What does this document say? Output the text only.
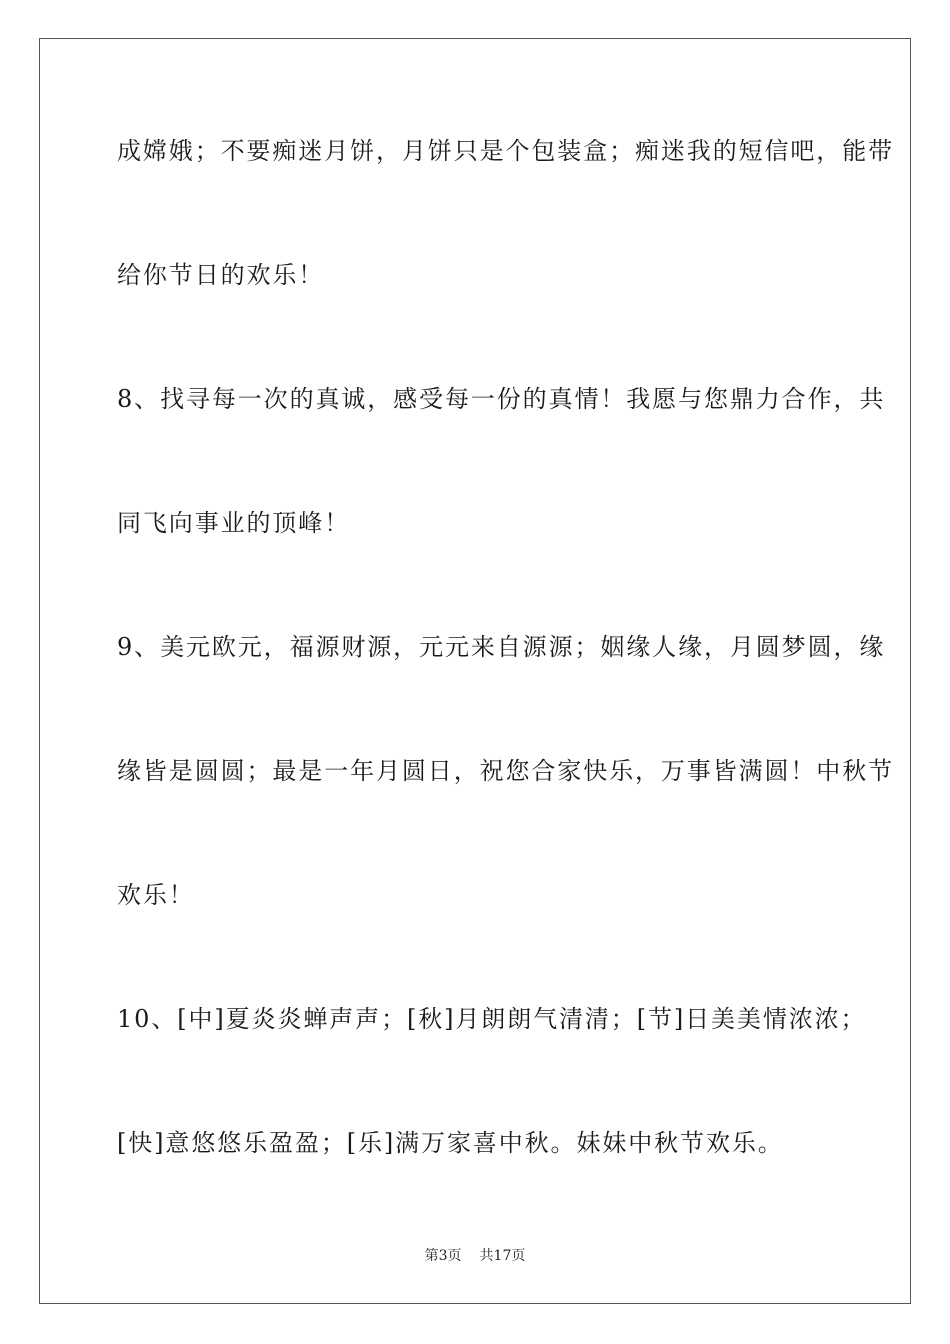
成嫦娥；不要痴迷月饼，月饼只是个包装盒；痴迷我的短信吧，能带
给你节日的欢乐！
8、找寻每一次的真诚，感受每一份的真情！我愿与您鼎力合作，共
同飞向事业的顶峰！
9、美元欧元，福源财源，元元来自源源；姻缘人缘，月圆梦圆，缘
缘皆是圆圆；最是一年月圆日，祝您合家快乐，万事皆满圆！中秋节
欢乐！
10、[中]夏炎炎蝉声声；[秋]月朗朗气清清；[节]日美美情浓浓；
[快]意悠悠乐盈盈；[乐]满万家喜中秋。妹妹中秋节欢乐。
第3页 共17页
